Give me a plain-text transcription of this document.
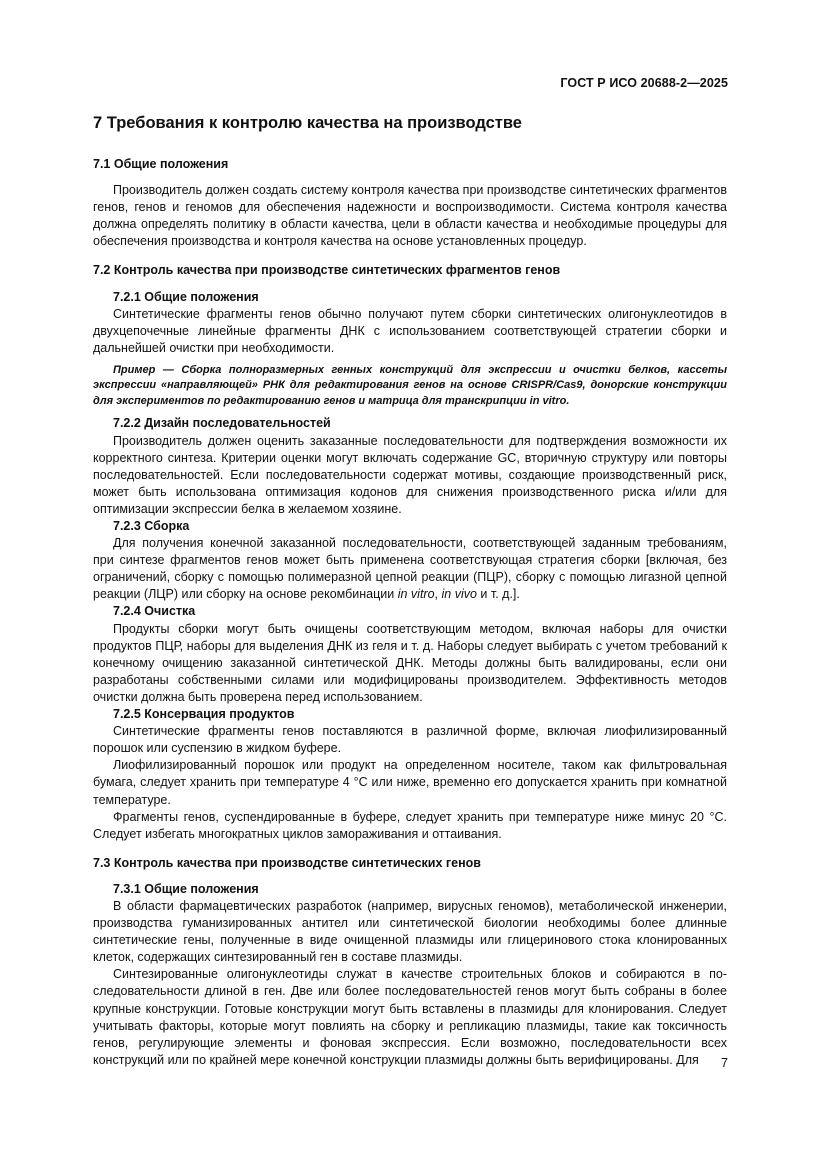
ГОСТ Р ИСО 20688-2—2025
7 Требования к контролю качества на производстве

7.1 Общие положения

Производитель должен создать систему контроля качества при производстве синтетических фрагментов генов, генов и геномов для обеспечения надежности и воспроизводимости. Система контроля качества должна определять политику в области качества, цели в области качества и необходимые процедуры для обеспечения производства и контроля качества на основе установленных процедур.

7.2 Контроль качества при производстве синтетических фрагментов генов

7.2.1 Общие положения

Синтетические фрагменты генов обычно получают путем сборки синтетических олигонуклеотидов в двухцепочечные линейные фрагменты ДНК с использованием соответствующей стратегии сборки и дальнейшей очистки при необходимости.

Пример — Сборка полноразмерных генных конструкций для экспрессии и очистки белков, кассеты экспрессии «направляющей» РНК для редактирования генов на основе CRISPR/Cas9, донорские конструкции для экспериментов по редактированию генов и матрица для транскрипции in vitro.

7.2.2 Дизайн последовательностей

Производитель должен оценить заказанные последовательности для подтверждения возможности их корректного синтеза. Критерии оценки могут включать содержание GC, вторичную структуру или повторы последовательностей. Если последовательности содержат мотивы, создающие производственный риск, может быть использована оптимизация кодонов для снижения производственного риска и/или для оптимизации экспрессии белка в желаемом хозяине.

7.2.3 Сборка

Для получения конечной заказанной последовательности, соответствующей заданным требованиям, при синтезе фрагментов генов может быть применена соответствующая стратегия сборки [включая, без ограничений, сборку с помощью полимеразной цепной реакции (ПЦР), сборку с помощью лигазной цепной реакции (ЛЦР) или сборку на основе рекомбинации in vitro, in vivo и т. д.].

7.2.4 Очистка

Продукты сборки могут быть очищены соответствующим методом, включая наборы для очистки продуктов ПЦР, наборы для выделения ДНК из геля и т. д. Наборы следует выбирать с учетом требований к конечному очищению заказанной синтетической ДНК. Методы должны быть валидированы, если они разработаны собственными силами или модифицированы производителем. Эффективность методов очистки должна быть проверена перед использованием.

7.2.5 Консервация продуктов

Синтетические фрагменты генов поставляются в различной форме, включая лиофилизированный порошок или суспензию в жидком буфере.

Лиофилизированный порошок или продукт на определенном носителе, таком как фильтровальная бумага, следует хранить при температуре 4 °С или ниже, временно его допускается хранить при комнатной температуре.

Фрагменты генов, суспендированные в буфере, следует хранить при температуре ниже минус 20 °С. Следует избегать многократных циклов замораживания и оттаивания.

7.3 Контроль качества при производстве синтетических генов

7.3.1 Общие положения

В области фармацевтических разработок (например, вирусных геномов), метаболической инженерии, производства гуманизированных антител или синтетической биологии необходимы более длинные синтетические гены, полученные в виде очищенной плазмиды или глицеринового стока клонированных клеток, содержащих синтезированный ген в составе плазмиды.

Синтезированные олигонуклеотиды служат в качестве строительных блоков и собираются в последовательности длиной в ген. Две или более последовательностей генов могут быть собраны в более крупные конструкции. Готовые конструкции могут быть вставлены в плазмиды для клонирования. Следует учитывать факторы, которые могут повлиять на сборку и репликацию плазмиды, такие как токсичность генов, регулирующие элементы и фоновая экспрессия. Если возможно, последовательности всех конструкций или по крайней мере конечной конструкции плазмиды должны быть верифицированы. Для	7
